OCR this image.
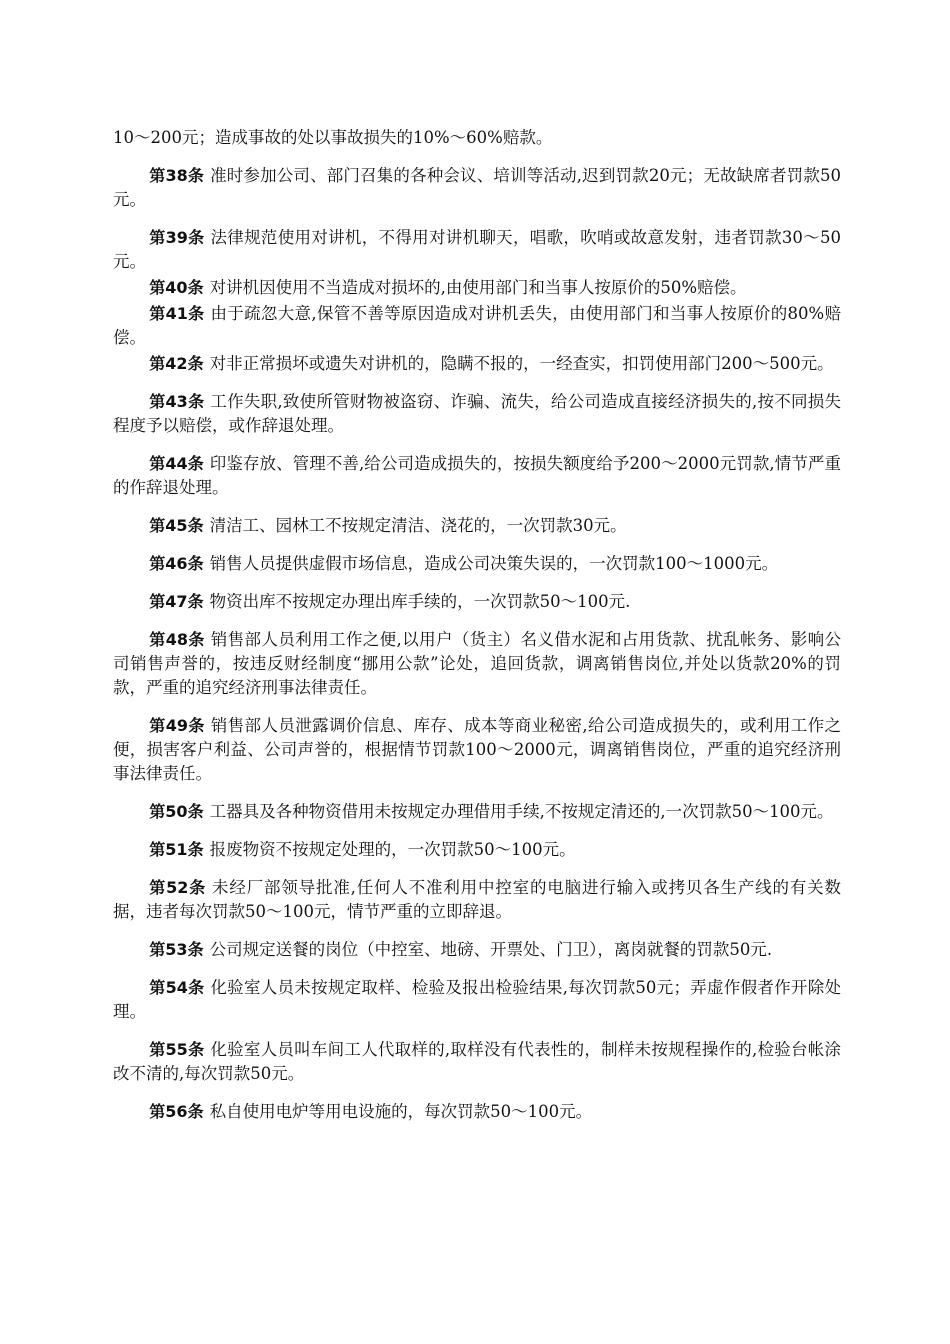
10～200元；造成事故的处以事故损失的10%～60%赔款。

第38条 准时参加公司、部门召集的各种会议、培训等活动,迟到罚款20元；无故缺席者罚款50元。

第39条 法律规范使用对讲机，不得用对讲机聊天，唱歌，吹哨或故意发射，违者罚款30～50元。

第40条 对讲机因使用不当造成对损坏的,由使用部门和当事人按原价的50%赔偿。

第41条 由于疏忽大意,保管不善等原因造成对讲机丢失，由使用部门和当事人按原价的80%赔偿。

第42条 对非正常损坏或遗失对讲机的，隐瞒不报的，一经查实，扣罚使用部门200～500元。

第43条 工作失职,致使所管财物被盗窃、诈骗、流失，给公司造成直接经济损失的,按不同损失程度予以赔偿，或作辞退处理。

第44条 印鉴存放、管理不善,给公司造成损失的，按损失额度给予200～2000元罚款,情节严重的作辞退处理。

第45条 清洁工、园林工不按规定清洁、浇花的，一次罚款30元。

第46条 销售人员提供虚假市场信息，造成公司决策失误的，一次罚款100～1000元。

第47条 物资出库不按规定办理出库手续的，一次罚款50～100元.

第48条 销售部人员利用工作之便,以用户（货主）名义借水泥和占用货款、扰乱帐务、影响公司销售声誉的，按违反财经制度“挪用公款”论处，追回货款，调离销售岗位,并处以货款20%的罚款，严重的追究经济刑事法律责任。

第49条 销售部人员泄露调价信息、库存、成本等商业秘密,给公司造成损失的，或利用工作之便，损害客户利益、公司声誉的，根据情节罚款100～2000元，调离销售岗位，严重的追究经济刑事法律责任。

第50条 工器具及各种物资借用未按规定办理借用手续,不按规定清还的,一次罚款50～100元。

第51条 报废物资不按规定处理的，一次罚款50～100元。

第52条 未经厂部领导批准,任何人不准利用中控室的电脑进行输入或拷贝各生产线的有关数据，违者每次罚款50～100元，情节严重的立即辞退。

第53条 公司规定送餐的岗位（中控室、地磅、开票处、门卫），离岗就餐的罚款50元.

第54条 化验室人员未按规定取样、检验及报出检验结果,每次罚款50元；弄虚作假者作开除处理。

第55条 化验室人员叫车间工人代取样的,取样没有代表性的，制样未按规程操作的,检验台帐涂改不清的,每次罚款50元。

第56条 私自使用电炉等用电设施的，每次罚款50～100元。
